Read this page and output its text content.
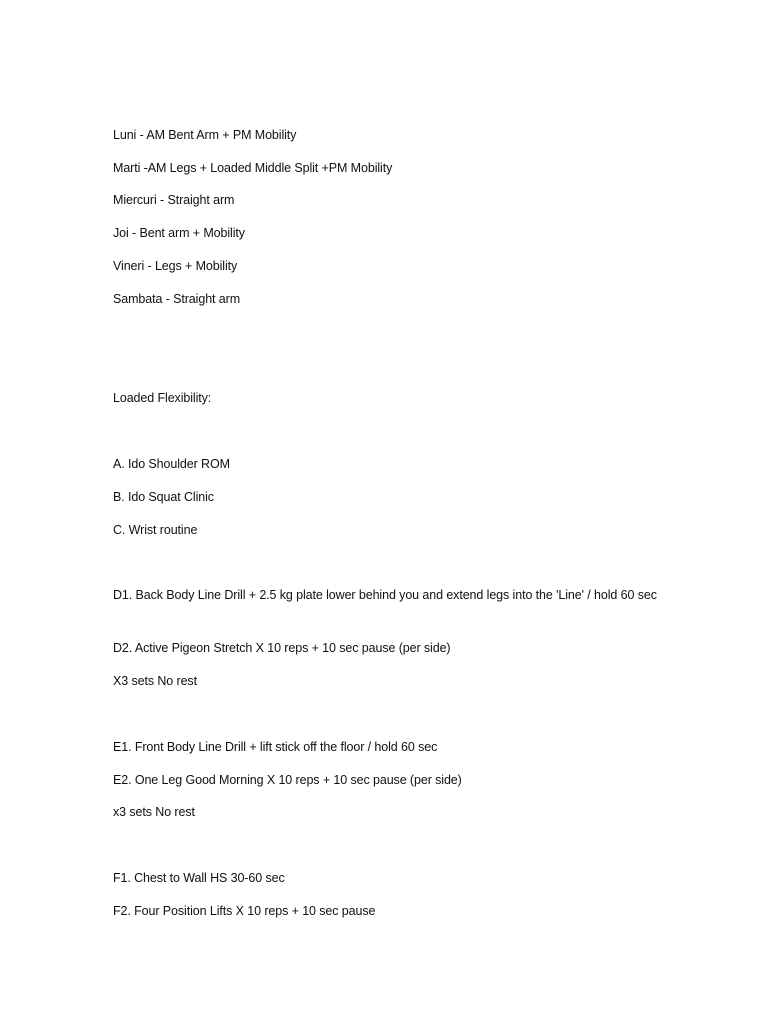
Luni - AM Bent Arm + PM Mobility
Marti -AM Legs + Loaded Middle Split +PM Mobility
Miercuri - Straight arm
Joi - Bent arm + Mobility
Vineri - Legs + Mobility
Sambata - Straight arm
Loaded Flexibility:
A. Ido Shoulder ROM
B. Ido Squat Clinic
C. Wrist routine
D1. Back Body Line Drill + 2.5 kg plate lower behind you and extend legs into the 'Line' / hold 60 sec
D2. Active Pigeon Stretch X 10 reps + 10 sec pause (per side)
X3 sets No rest
E1. Front Body Line Drill + lift stick off the floor / hold 60 sec
E2. One Leg Good Morning X 10 reps + 10 sec pause (per side)
x3 sets No rest
F1. Chest to Wall HS 30-60 sec
F2. Four Position Lifts X 10 reps + 10 sec pause
